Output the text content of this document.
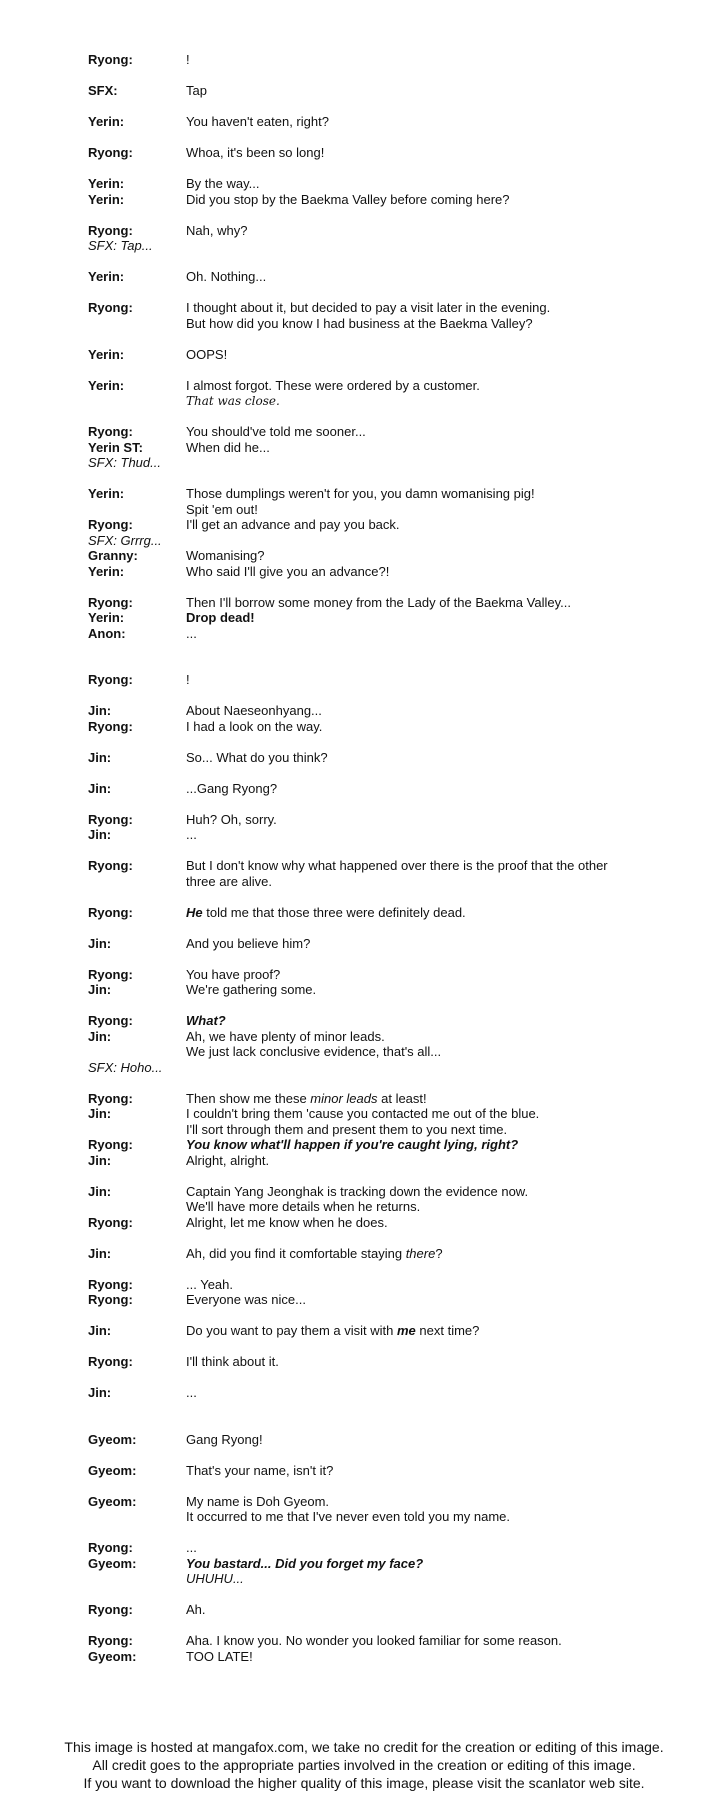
Ryong:	!
SFX:	Tap
Yerin:	You haven't eaten, right?
Ryong:	Whoa, it's been so long!
Yerin:	By the way...
Yerin:	Did you stop by the Baekma Valley before coming here?
Ryong:	Nah, why?
SFX: Tap...
Yerin:	Oh. Nothing...
Ryong:	I thought about it, but decided to pay a visit later in the evening.
But how did you know I had business at the Baekma Valley?
Yerin:	OOPS!
Yerin:	I almost forgot. These were ordered by a customer.
That was close.
Ryong:	You should've told me sooner...
Yerin ST:	When did he...
SFX: Thud...
Yerin:	Those dumplings weren't for you, you damn womanising pig!
Spit 'em out!
Ryong:	I'll get an advance and pay you back.
SFX: Grrrg...
Granny:	Womanising?
Yerin:	Who said I'll give you an advance?!
Ryong:	Then I'll borrow some money from the Lady of the Baekma Valley...
Yerin:	Drop dead!
Anon:	...
Ryong:	!
Jin:	About Naeseonhyang...
Ryong:	I had a look on the way.
Jin:	So... What do you think?
Jin:	...Gang Ryong?
Ryong:	Huh? Oh, sorry.
Jin:	...
Ryong:	But I don't know why what happened over there is the proof that the other
three are alive.
Ryong:	He told me that those three were definitely dead.
Jin:	And you believe him?
Ryong:	You have proof?
Jin:	We're gathering some.
Ryong:	What?
Jin:	Ah, we have plenty of minor leads.
We just lack conclusive evidence, that's all...
SFX: Hoho...
Ryong:	Then show me these minor leads at least!
Jin:	I couldn't bring them 'cause you contacted me out of the blue.
I'll sort through them and present them to you next time.
Ryong:	You know what'll happen if you're caught lying, right?
Jin:	Alright, alright.
Jin:	Captain Yang Jeonghak is tracking down the evidence now.
We'll have more details when he returns.
Ryong:	Alright, let me know when he does.
Jin:	Ah, did you find it comfortable staying there?
Ryong:	... Yeah.
Ryong:	Everyone was nice...
Jin:	Do you want to pay them a visit with me next time?
Ryong:	I'll think about it.
Jin:	...
Gyeom:	Gang Ryong!
Gyeom:	That's your name, isn't it?
Gyeom:	My name is Doh Gyeom.
It occurred to me that I've never even told you my name.
Ryong:	...
Gyeom:	You bastard... Did you forget my face?
UHUHU...
Ryong:	Ah.
Ryong:	Aha. I know you. No wonder you looked familiar for some reason.
Gyeom:	TOO LATE!
This image is hosted at mangafox.com, we take no credit for the creation or editing of this image.
All credit goes to the appropriate parties involved in the creation or editing of this image.
If you want to download the higher quality of this image, please visit the scanlator web site.
